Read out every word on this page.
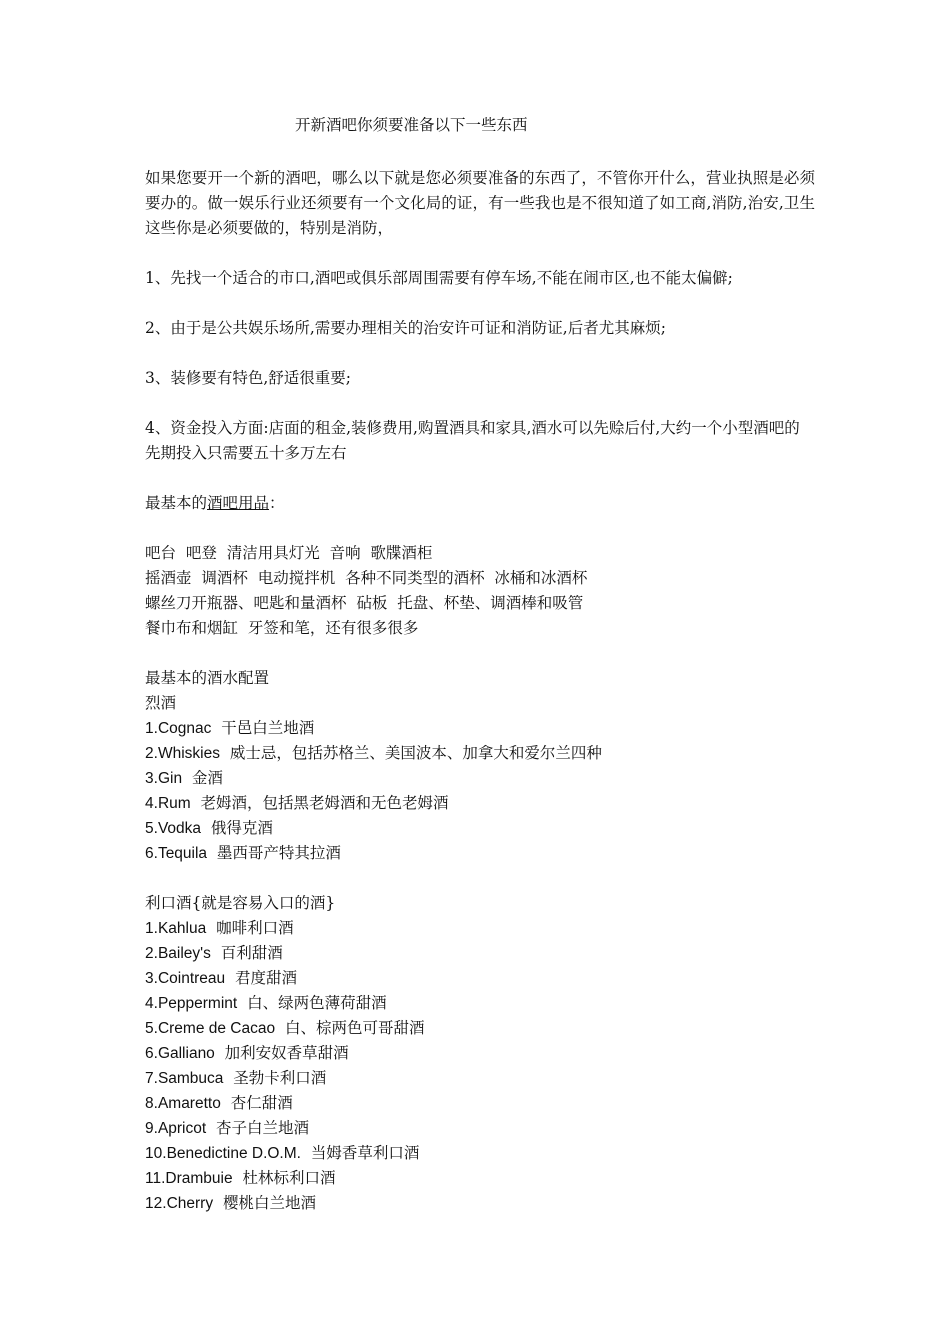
开新酒吧你须要准备以下一些东西

如果您要开一个新的酒吧，哪么以下就是您必须要准备的东西了，不管你开什么，营业执照是必须要办的。做一娱乐行业还须要有一个文化局的证，有一些我也是不很知道了如工商,消防,治安,卫生这些你是必须要做的，特别是消防，

1、先找一个适合的市口,酒吧或俱乐部周围需要有停车场,不能在闹市区,也不能太偏僻;

2、由于是公共娱乐场所,需要办理相关的治安许可证和消防证,后者尤其麻烦;

3、装修要有特色,舒适很重要;

4、资金投入方面:店面的租金,装修费用,购置酒具和家具,酒水可以先赊后付,大约一个小型酒吧的先期投入只需要五十多万左右

最基本的酒吧用品：

吧台  吧登  清洁用具灯光  音响  歌牒酒柜

摇酒壶  调酒杯  电动搅拌机  各种不同类型的酒杯  冰桶和冰酒杯

螺丝刀开瓶器、吧匙和量酒杯  砧板  托盘、杯垫、调酒棒和吸管

餐巾布和烟缸  牙签和笔，还有很多很多

最基本的酒水配置

烈酒

1.Cognac 干邑白兰地酒

2.Whiskies 威士忌，包括苏格兰、美国波本、加拿大和爱尔兰四种

3.Gin 金酒

4.Rum 老姆酒，包括黑老姆酒和无色老姆酒

5.Vodka 俄得克酒

6.Tequila 墨西哥产特其拉酒

利口酒{就是容易入口的酒}

1.Kahlua 咖啡利口酒

2.Bailey's 百利甜酒

3.Cointreau 君度甜酒

4.Peppermint 白、绿两色薄荷甜酒

5.Creme de Cacao 白、棕两色可哥甜酒

6.Galliano 加利安奴香草甜酒

7.Sambuca 圣勃卡利口酒

8.Amaretto 杏仁甜酒

9.Apricot 杏子白兰地酒

10.Benedictine D.O.M. 当姆香草利口酒

11.Drambuie 杜林标利口酒

12.Cherry 樱桃白兰地酒
